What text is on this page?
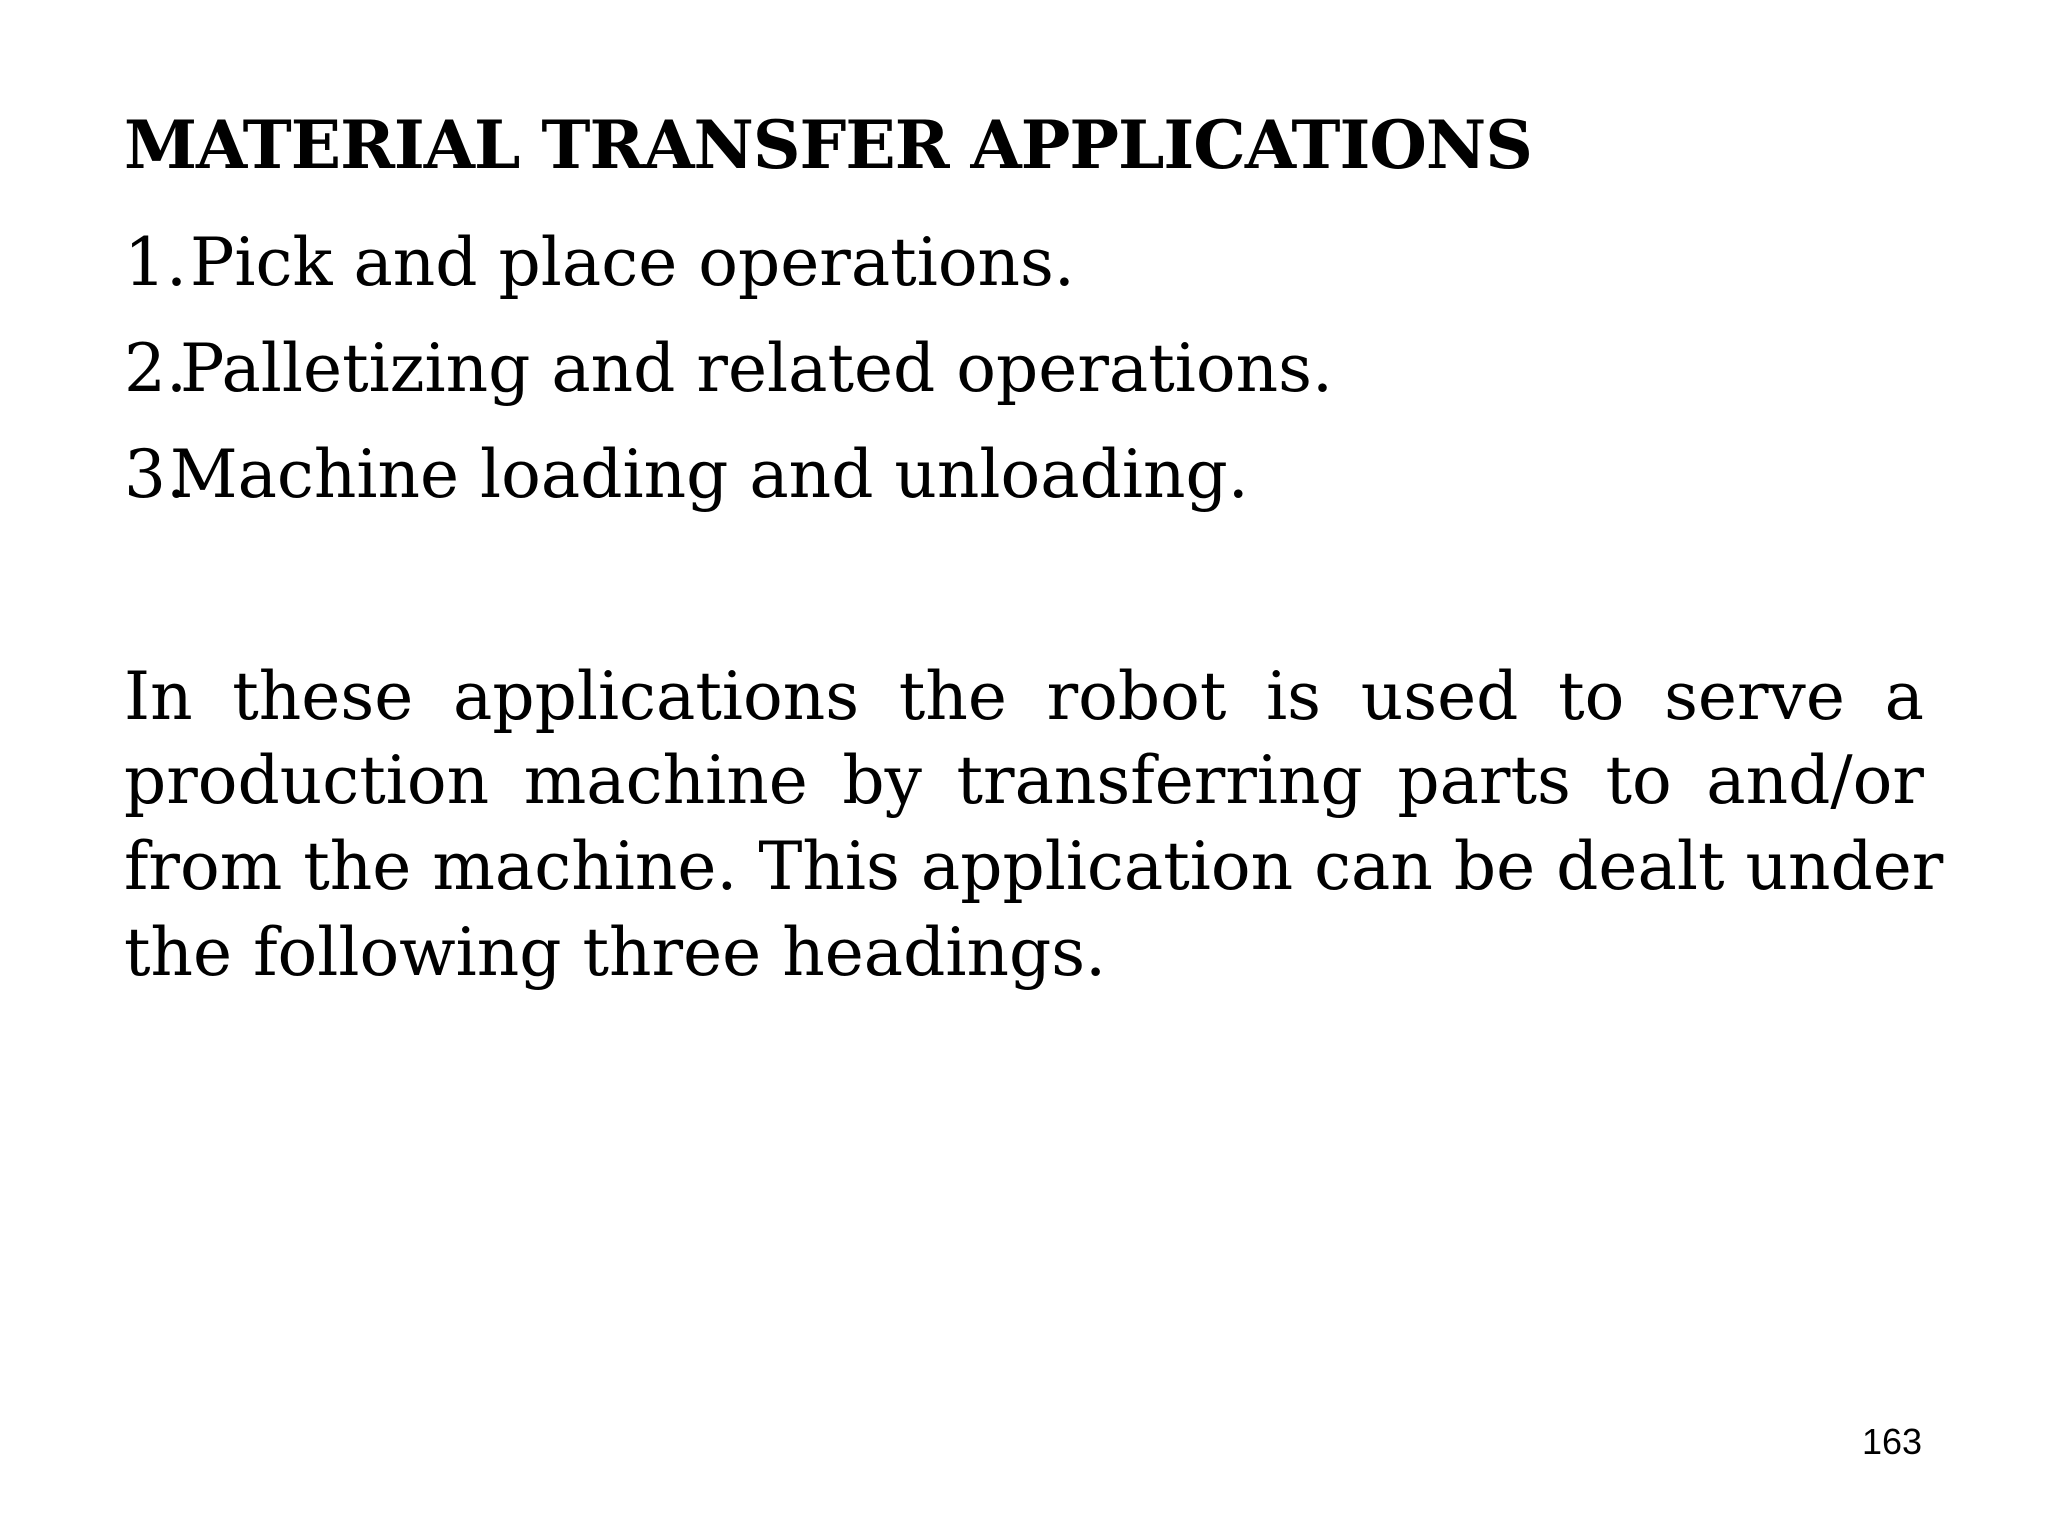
MATERIAL TRANSFER APPLICATIONS
1.Pick and place operations.
2.Palletizing and related operations.
3.Machine loading and unloading.
In these applications the robot is used to serve a
production machine by transferring parts to and/or
from the machine. This application can be dealt under
the following three headings.
163
